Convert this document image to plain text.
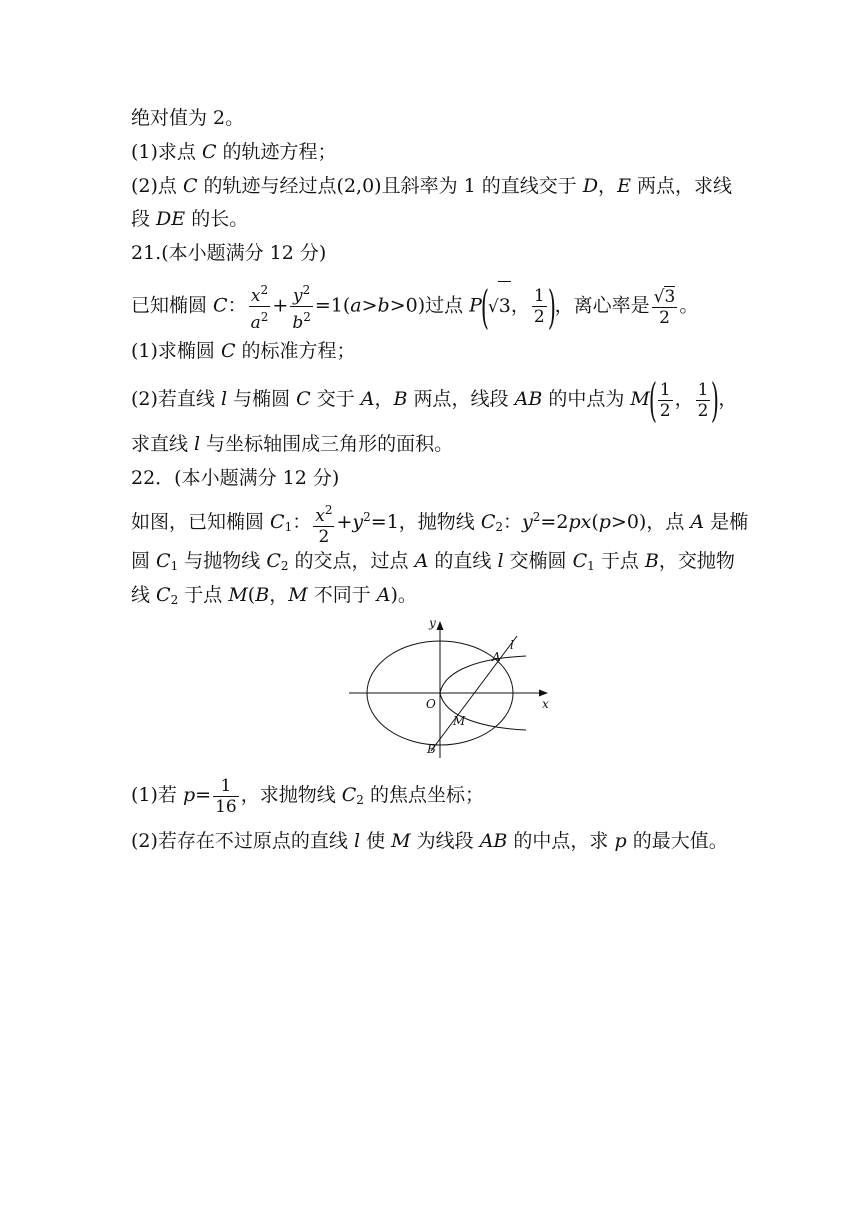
绝对值为 2。
(1)求点 C 的轨迹方程；
(2)点 C 的轨迹与经过点(2,0)且斜率为 1 的直线交于 D，E 两点，求线
段 DE 的长。
21.(本小题满分 12 分)
已知椭圆 C： $\frac{x^2}{a^2} + \frac{y^2}{b^2} =1(a>b>0)$过点 P(√3， $\frac{1}{2}$ )，离心率是 $\frac{√3}{2}$ 。
(1)求椭圆 C 的标准方程；
(2)若直线 l 与椭圆 C 交于 A，B 两点，线段 AB 的中点为 $M( \frac{1}{2}$ ， $\frac{1}{2}$ )，
求直线 l 与坐标轴围成三角形的面积。
22．(本小题满分 12 分)
如图，已知椭圆 $C_1$： $\frac{x^2}{2} +y^2=1$，抛物线 $C_2$：$y^2=2px(p>0)$，点 A 是椭
圆 $C_1$ 与抛物线 $C_2$ 的交点，过点 A 的直线 l 交椭圆 $C_1$ 于点 B，交抛物
线 $C_2$ 于点 M(B，M 不同于 A)。
y
x
O
A
B
M
l
(1)若 $p= \frac{1}{16}$ ，求抛物线 $C_2$ 的焦点坐标；
(2)若存在不过原点的直线 l 使 M 为线段 AB 的中点，求 p 的最大值。
